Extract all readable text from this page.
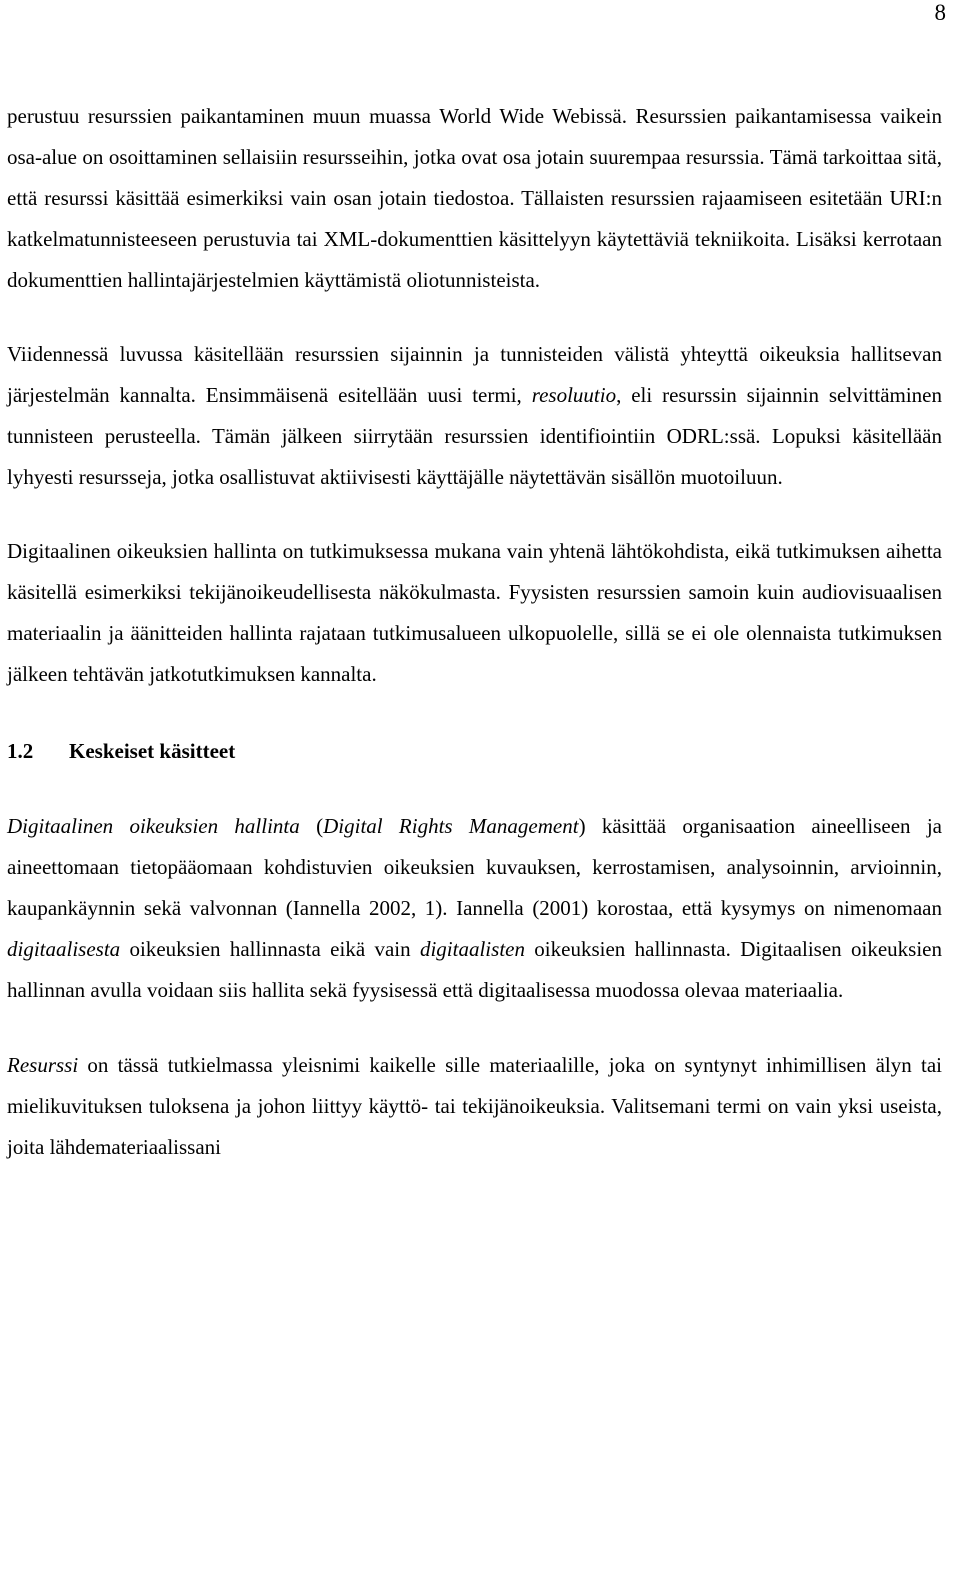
8

perustuu resurssien paikantaminen muun muassa World Wide Webissä. Resurssien paikantamisessa vaikein osa-alue on osoittaminen sellaisiin resursseihin, jotka ovat osa jotain suurempaa resurssia. Tämä tarkoittaa sitä, että resurssi käsittää esimerkiksi vain osan jotain tiedostoa. Tällaisten resurssien rajaamiseen esitetään URI:n katkelmatunnisteeseen perustuvia tai XML-dokumenttien käsittelyyn käytettäviä tekniikoita. Lisäksi kerrotaan dokumenttien hallintajärjestelmien käyttämistä oliotunnisteista.

Viidennessä luvussa käsitellään resurssien sijainnin ja tunnisteiden välistä yhteyttä oikeuksia hallitsevan järjestelmän kannalta. Ensimmäisenä esitellään uusi termi, resoluutio, eli resurssin sijainnin selvittäminen tunnisteen perusteella. Tämän jälkeen siirrytään resurssien identifiointiin ODRL:ssä. Lopuksi käsitellään lyhyesti resursseja, jotka osallistuvat aktiivisesti käyttäjälle näytettävän sisällön muotoiluun.

Digitaalinen oikeuksien hallinta on tutkimuksessa mukana vain yhtenä lähtökohdista, eikä tutkimuksen aihetta käsitellä esimerkiksi tekijänoikeudellisesta näkökulmasta. Fyysisten resurssien samoin kuin audiovisuaalisen materiaalin ja äänitteiden hallinta rajataan tutkimusalueen ulkopuolelle, sillä se ei ole olennaista tutkimuksen jälkeen tehtävän jatkotutkimuksen kannalta.

1.2 Keskeiset käsitteet

Digitaalinen oikeuksien hallinta (Digital Rights Management) käsittää organisaation aineelliseen ja aineettomaan tietopääomaan kohdistuvien oikeuksien kuvauksen, kerrostamisen, analysoinnin, arvioinnin, kaupankäynnin sekä valvonnan (Iannella 2002, 1). Iannella (2001) korostaa, että kysymys on nimenomaan digitaalisesta oikeuksien hallinnasta eikä vain digitaalisten oikeuksien hallinnasta. Digitaalisen oikeuksien hallinnan avulla voidaan siis hallita sekä fyysisessä että digitaalisessa muodossa olevaa materiaalia.

Resurssi on tässä tutkielmassa yleisnimi kaikelle sille materiaalille, joka on syntynyt inhimillisen älyn tai mielikuvituksen tuloksena ja johon liittyy käyttö- tai tekijänoikeuksia. Valitsemani termi on vain yksi useista, joita lähdemateriaalissani
